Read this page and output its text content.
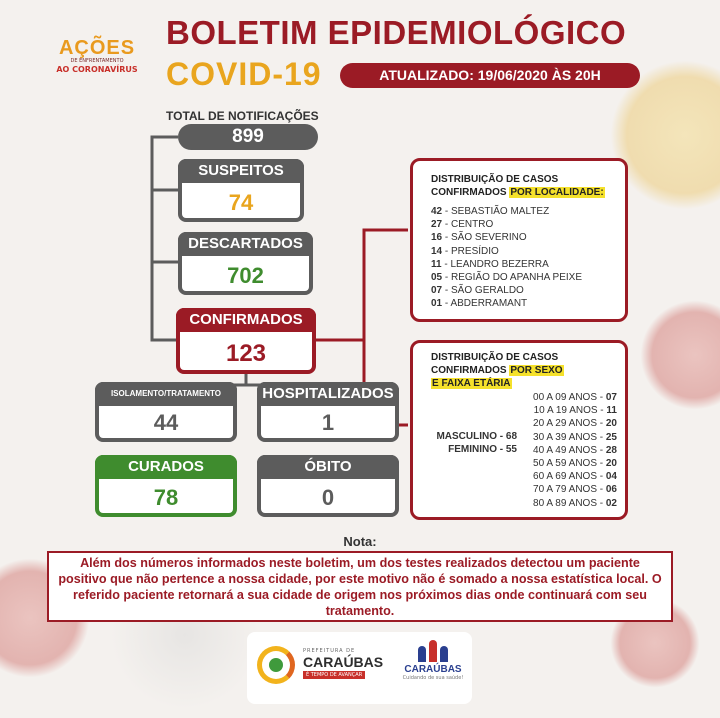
AÇÕES
DE ENFRENTAMENTO
AO CORONAVÍRUS
BOLETIM EPIDEMIOLÓGICO
COVID-19	ATUALIZADO: 19/06/2020 ÀS 20H
TOTAL DE NOTIFICAÇÕES
899
SUSPEITOS
74
DESCARTADOS
702
CONFIRMADOS
123
ISOLAMENTO/TRATAMENTO
44
HOSPITALIZADOS
1
CURADOS
78
ÓBITO
0
DISTRIBUIÇÃO DE CASOS
CONFIRMADOS POR LOCALIDADE:
42 - SEBASTIÃO MALTEZ
27 - CENTRO
16 - SÃO SEVERINO
14 - PRESÍDIO
11 - LEANDRO BEZERRA
05 - REGIÃO DO APANHA PEIXE
07 - SÃO GERALDO
01 - ABDERRAMANT
DISTRIBUIÇÃO DE CASOS
CONFIRMADOS POR SEXO
E FAIXA ETÁRIA
MASCULINO - 68
FEMININO - 55
00 A 09 ANOS - 07
10 A 19 ANOS - 11
20 A 29 ANOS - 20
30 A 39 ANOS - 25
40 A 49 ANOS - 28
50 A 59 ANOS - 20
60 A 69 ANOS - 04
70 A 79 ANOS - 06
80 A 89 ANOS - 02
Nota:
Além dos números informados neste boletim, um dos testes realizados detectou um paciente positivo que não pertence a nossa cidade, por este motivo não é somado a nossa estatística local. O referido paciente retornará a sua cidade de origem nos próximos dias onde continuará com seu tratamento.
PREFEITURA DE
CARAÚBAS
É TEMPO DE AVANÇAR	CARAÚBAS
Cuidando de sua saúde!
